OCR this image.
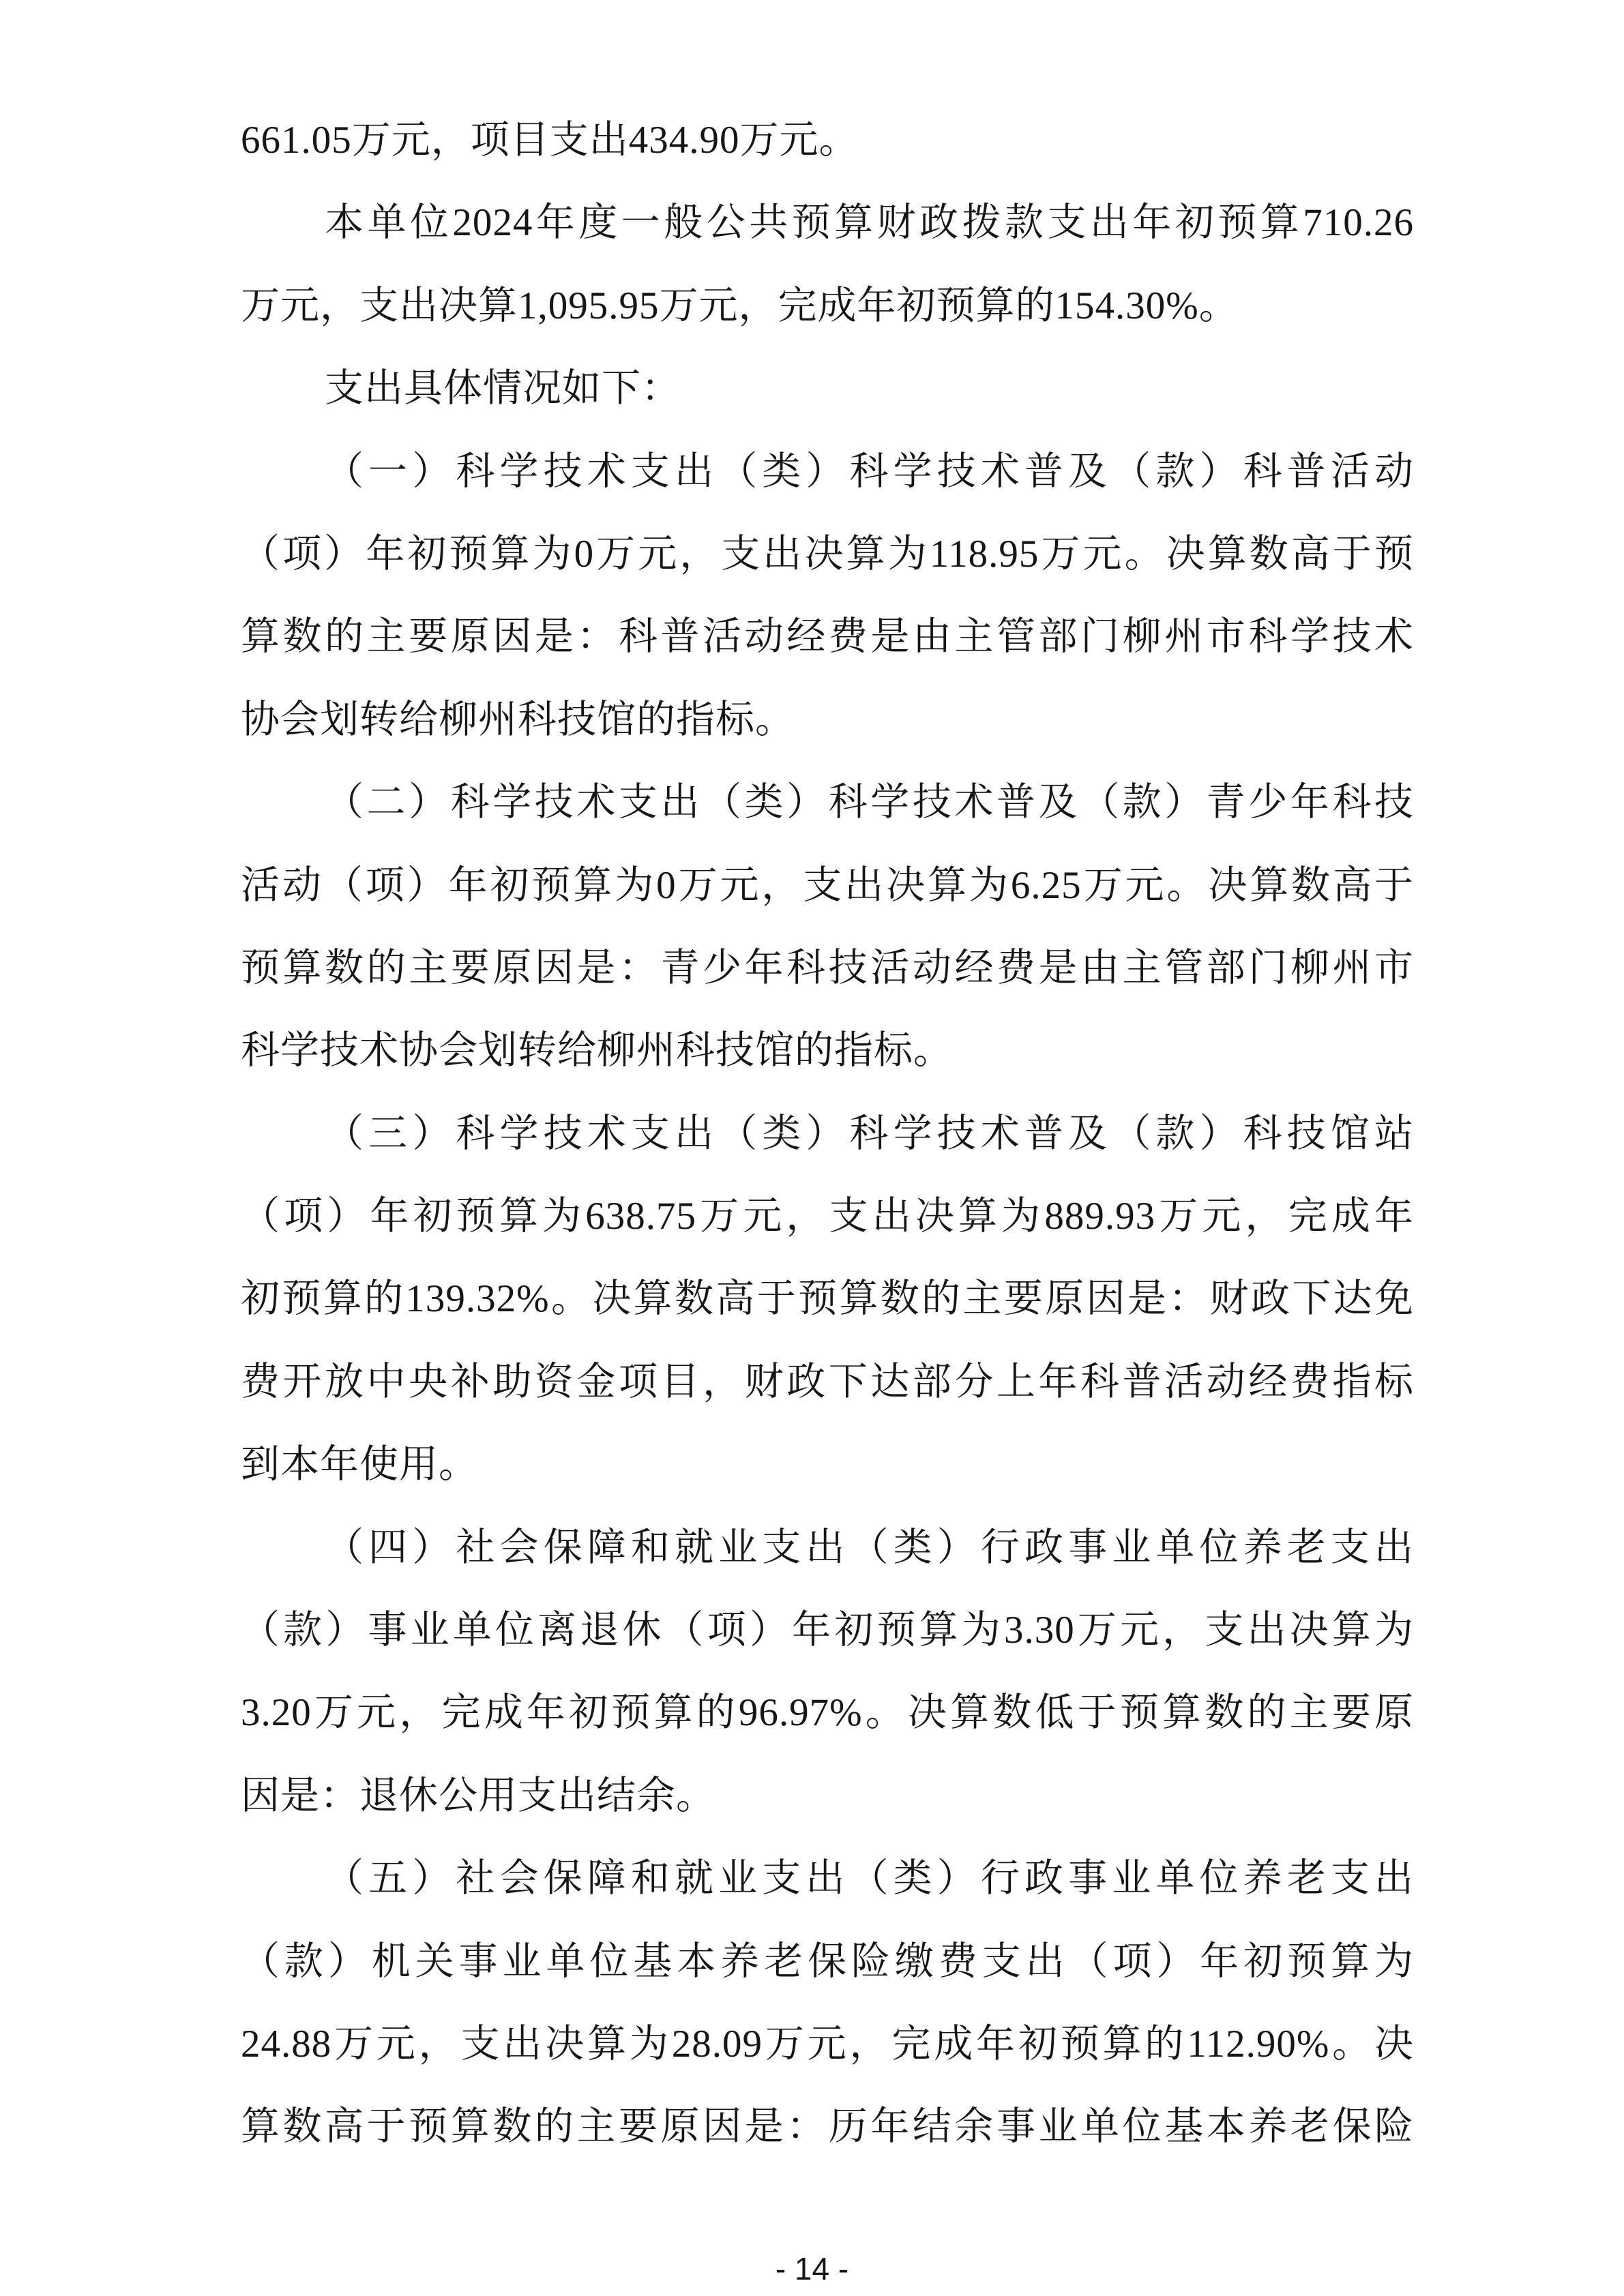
661.05万元，项目支出434.90万元。
本单位2024年度一般公共预算财政拨款支出年初预算710.26
万元，支出决算1,095.95万元，完成年初预算的154.30%。
支出具体情况如下：
（一）科学技术支出（类）科学技术普及（款）科普活动
（项）年初预算为0万元，支出决算为118.95万元。决算数高于预
算数的主要原因是：科普活动经费是由主管部门柳州市科学技术
协会划转给柳州科技馆的指标。
（二）科学技术支出（类）科学技术普及（款）青少年科技
活动（项）年初预算为0万元，支出决算为6.25万元。决算数高于
预算数的主要原因是：青少年科技活动经费是由主管部门柳州市
科学技术协会划转给柳州科技馆的指标。
（三）科学技术支出（类）科学技术普及（款）科技馆站
（项）年初预算为638.75万元，支出决算为889.93万元，完成年
初预算的139.32%。决算数高于预算数的主要原因是：财政下达免
费开放中央补助资金项目，财政下达部分上年科普活动经费指标
到本年使用。
（四）社会保障和就业支出（类）行政事业单位养老支出
（款）事业单位离退休（项）年初预算为3.30万元，支出决算为
3.20万元，完成年初预算的96.97%。决算数低于预算数的主要原
因是：退休公用支出结余。
（五）社会保障和就业支出（类）行政事业单位养老支出
（款）机关事业单位基本养老保险缴费支出（项）年初预算为
24.88万元，支出决算为28.09万元，完成年初预算的112.90%。决
算数高于预算数的主要原因是：历年结余事业单位基本养老保险
- 14 -
